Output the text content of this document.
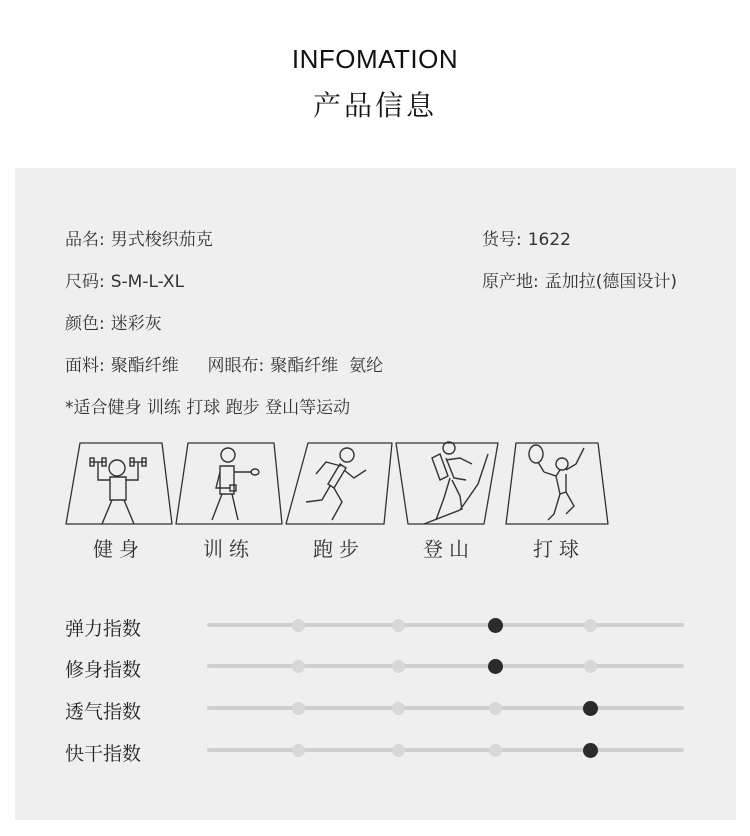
INFOMATION
产品信息
品名 : 男式梭织茄克	货号 : 1622
尺码 : S-M-L-XL	原产地 : 孟加拉(德国设计)
颜色 : 迷彩灰
面料 : 聚酯纤维 网眼布 : 聚酯纤维  氨纶
*适合健身 训练 打球 跑步 登山等运动
健身	训练	跑步	登山	打球
弹力指数
修身指数
透气指数
快干指数
